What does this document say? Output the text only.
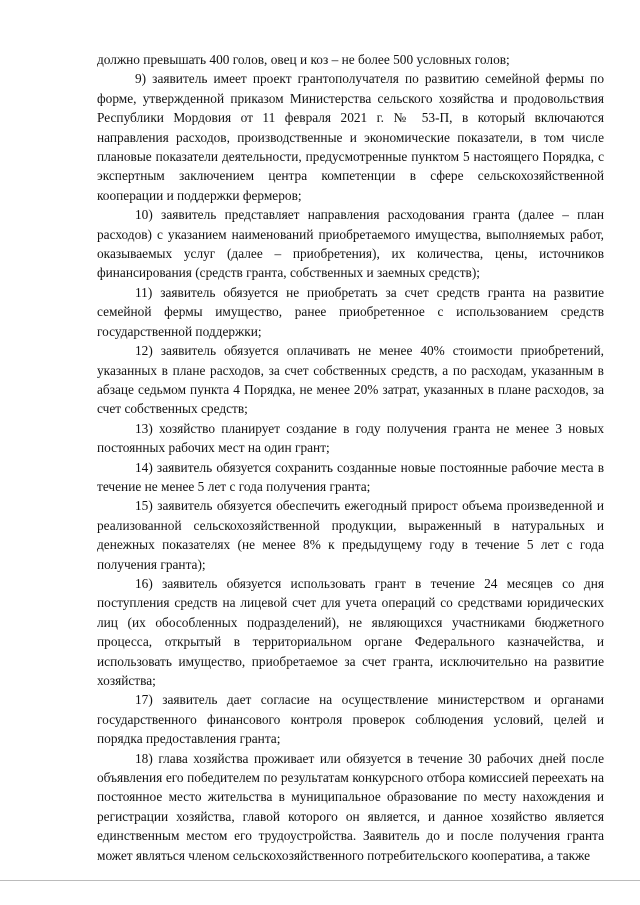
должно превышать 400 голов, овец и коз – не более 500 условных голов;

9) заявитель имеет проект грантополучателя по развитию семейной фермы по форме, утвержденной приказом Министерства сельского хозяйства и продовольствия Республики Мордовия от 11 февраля 2021 г. № 53-П, в который включаются направления расходов, производственные и экономические показатели, в том числе плановые показатели деятельности, предусмотренные пунктом 5 настоящего Порядка, с экспертным заключением центра компетенции в сфере сельскохозяйственной кооперации и поддержки фермеров;

10) заявитель представляет направления расходования гранта (далее – план расходов) с указанием наименований приобретаемого имущества, выполняемых работ, оказываемых услуг (далее – приобретения), их количества, цены, источников финансирования (средств гранта, собственных и заемных средств);

11) заявитель обязуется не приобретать за счет средств гранта на развитие семейной фермы имущество, ранее приобретенное с использованием средств государственной поддержки;

12) заявитель обязуется оплачивать не менее 40% стоимости приобретений, указанных в плане расходов, за счет собственных средств, а по расходам, указанным в абзаце седьмом пункта 4 Порядка, не менее 20% затрат, указанных в плане расходов, за счет собственных средств;

13) хозяйство планирует создание в году получения гранта не менее 3 новых постоянных рабочих мест на один грант;

14) заявитель обязуется сохранить созданные новые постоянные рабочие места в течение не менее 5 лет с года получения гранта;

15) заявитель обязуется обеспечить ежегодный прирост объема произведенной и реализованной сельскохозяйственной продукции, выраженный в натуральных и денежных показателях (не менее 8% к предыдущему году в течение 5 лет с года получения гранта);

16) заявитель обязуется использовать грант в течение 24 месяцев со дня поступления средств на лицевой счет для учета операций со средствами юридических лиц (их обособленных подразделений), не являющихся участниками бюджетного процесса, открытый в территориальном органе Федерального казначейства, и использовать имущество, приобретаемое за счет гранта, исключительно на развитие хозяйства;

17) заявитель дает согласие на осуществление министерством и органами государственного финансового контроля проверок соблюдения условий, целей и порядка предоставления гранта;

18) глава хозяйства проживает или обязуется в течение 30 рабочих дней после объявления его победителем по результатам конкурсного отбора комиссией переехать на постоянное место жительства в муниципальное образование по месту нахождения и регистрации хозяйства, главой которого он является, и данное хозяйство является единственным местом его трудоустройства. Заявитель до и после получения гранта может являться членом сельскохозяйственного потребительского кооператива, а также
